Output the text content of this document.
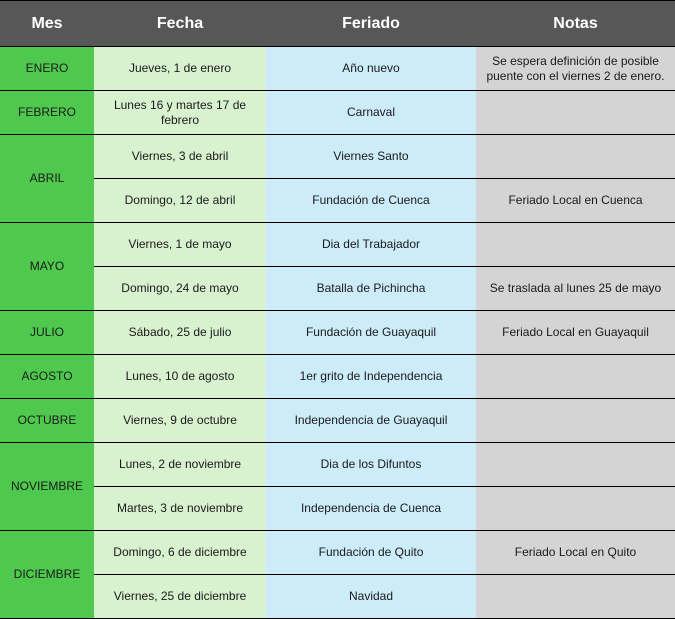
Mes	Fecha	Feriado	Notas
ENERO	Jueves, 1 de enero	Año nuevo	Se espera definición de posible puente con el viernes 2 de enero.
FEBRERO	Lunes 16 y martes 17 de febrero	Carnaval	
ABRIL	Viernes, 3 de abril	Viernes Santo	
	Domingo, 12 de abril	Fundación de Cuenca	Feriado Local en Cuenca
MAYO	Viernes, 1 de mayo	Dia del Trabajador	
	Domingo, 24 de mayo	Batalla de Pichincha	Se traslada al lunes 25 de mayo
JULIO	Sábado, 25 de julio	Fundación de Guayaquil	Feriado Local en Guayaquil
AGOSTO	Lunes, 10 de agosto	1er grito de Independencia	
OCTUBRE	Viernes, 9 de octubre	Independencia de Guayaquil	
NOVIEMBRE	Lunes, 2 de noviembre	Dia de los Difuntos	
	Martes, 3 de noviembre	Independencia de Cuenca	
DICIEMBRE	Domingo, 6 de diciembre	Fundación de Quito	Feriado Local en Quito
	Viernes, 25 de diciembre	Navidad	
